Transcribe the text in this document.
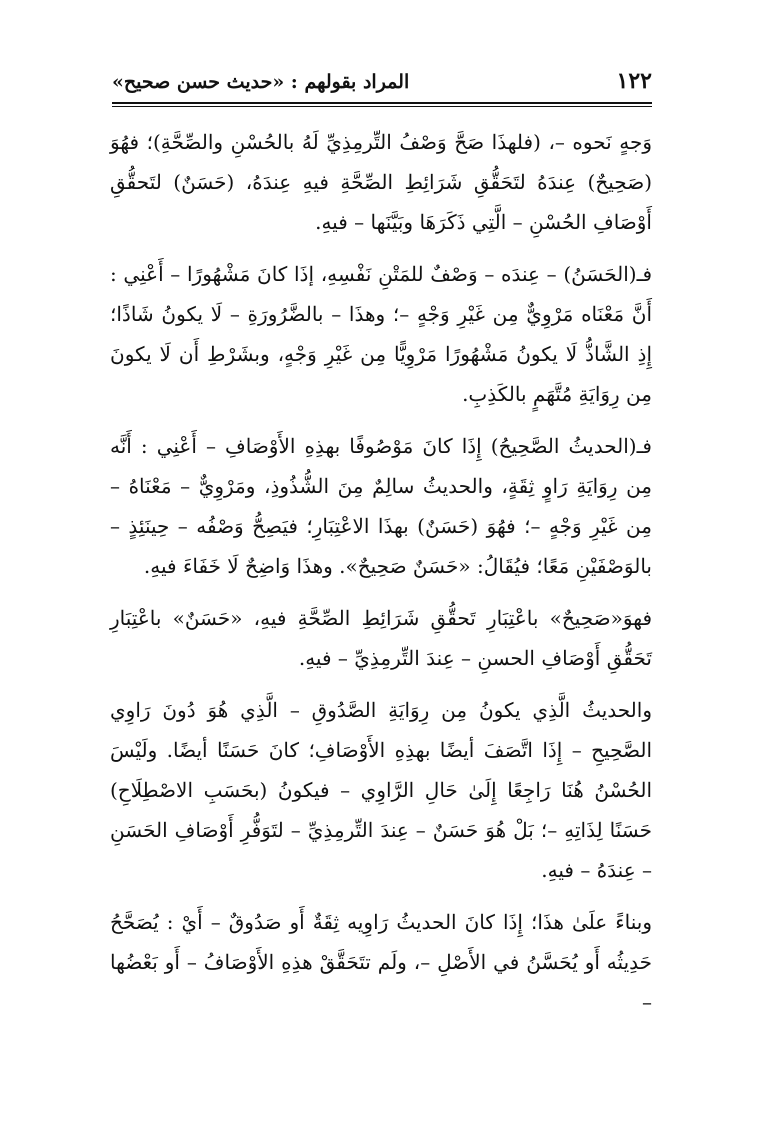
١٢٢
المراد بقولهم : «حديث حسن صحيح»

وَجهٍ نَحوه –، (فلهذَا صَحَّ وَصْفُ التِّرمِذِيِّ لَهُ بالحُسْنِ والصِّحَّةِ)؛ فهُوَ (صَحِيحٌ) عِندَهُ لتَحَقُّقِ شَرَائِطِ الصِّحَّةِ فيهِ عِندَهُ، (حَسَنٌ) لتَحقُّقِ أَوْصَافِ الحُسْنِ – الَّتِي ذَكَرَهَا وبَيَّنَها – فيهِ.

فـ(الحَسَنُ) – عِندَه – وَصْفٌ للمَتْنِ نَفْسِهِ، إذَا كانَ مَشْهُورًا – أَعْنِي : أَنَّ مَعْنَاه مَرْوِيٌّ مِن غَيْرِ وَجْهٍ –؛ وهذَا – بالضَّرُورَةِ – لَا يكونُ شَاذًا؛ إِذِ الشَّاذُّ لَا يكونُ مَشْهُورًا مَرْوِيًّا مِن غَيْرِ وَجْهٍ، وبشَرْطِ أَن لَا يكونَ مِن رِوَايَةِ مُتَّهَمٍ بالكَذِبِ.

فـ(الحديثُ الصَّحِيحُ) إِذَا كانَ مَوْصُوفًا بهذِهِ الأَوْصَافِ – أَعْنِي : أَنَّه مِن رِوَايَةِ رَاوٍ ثِقَةٍ، والحديثُ سالِمٌ مِنَ الشُّذُوذِ، ومَرْوِيٌّ – مَعْنَاهُ – مِن غَيْرِ وَجْهٍ –؛ فهُوَ (حَسَنٌ) بهذَا الاعْتِبَارِ؛ فيَصِحُّ وَصْفُه – حِينَئِذٍ – بالوَصْفَيْنِ مَعًا؛ فيُقَالُ: «حَسَنٌ صَحِيحٌ». وهذَا وَاضِحٌ لَا خَفَاءَ فيهِ.

فهوَ«صَحِيحٌ» باعْتِبَارِ تَحقُّقِ شَرَائِطِ الصِّحَّةِ فيهِ، «حَسَنٌ» باعْتِبَارِ تَحَقُّقِ أَوْصَافِ الحسنِ – عِندَ التِّرمِذِيِّ – فيهِ.

والحديثُ الَّذِي يكونُ مِن رِوَايَةِ الصَّدُوقِ – الَّذِي هُوَ دُونَ رَاوِي الصَّحِيحِ – إِذَا اتَّصَفَ أيضًا بهذِهِ الأَوْصَافِ؛ كانَ حَسَنًا أيضًا. ولَيْسَ الحُسْنُ هُنَا رَاجِعًا إِلَىٰ حَالِ الرَّاوِي – فيكونُ (بحَسَبِ الاصْطِلَاحِ) حَسَنًا لِذَاتِهِ –؛ بَلْ هُوَ حَسَنٌ – عِندَ التِّرمِذِيِّ – لتَوَفُّرِ أَوْصَافِ الحَسَنِ – عِندَهُ – فيهِ.

وبناءً علَىٰ هذَا؛ إِذَا كانَ الحديثُ رَاوِيه ثِقَةٌ أَو صَدُوقٌ – أَيْ : يُصَحَّحُ حَدِيثُه أَو يُحَسَّنُ في الأَصْلِ –، ولَم تتَحَقَّقْ هذِهِ الأَوْصَافُ – أَو بَعْضُها –
